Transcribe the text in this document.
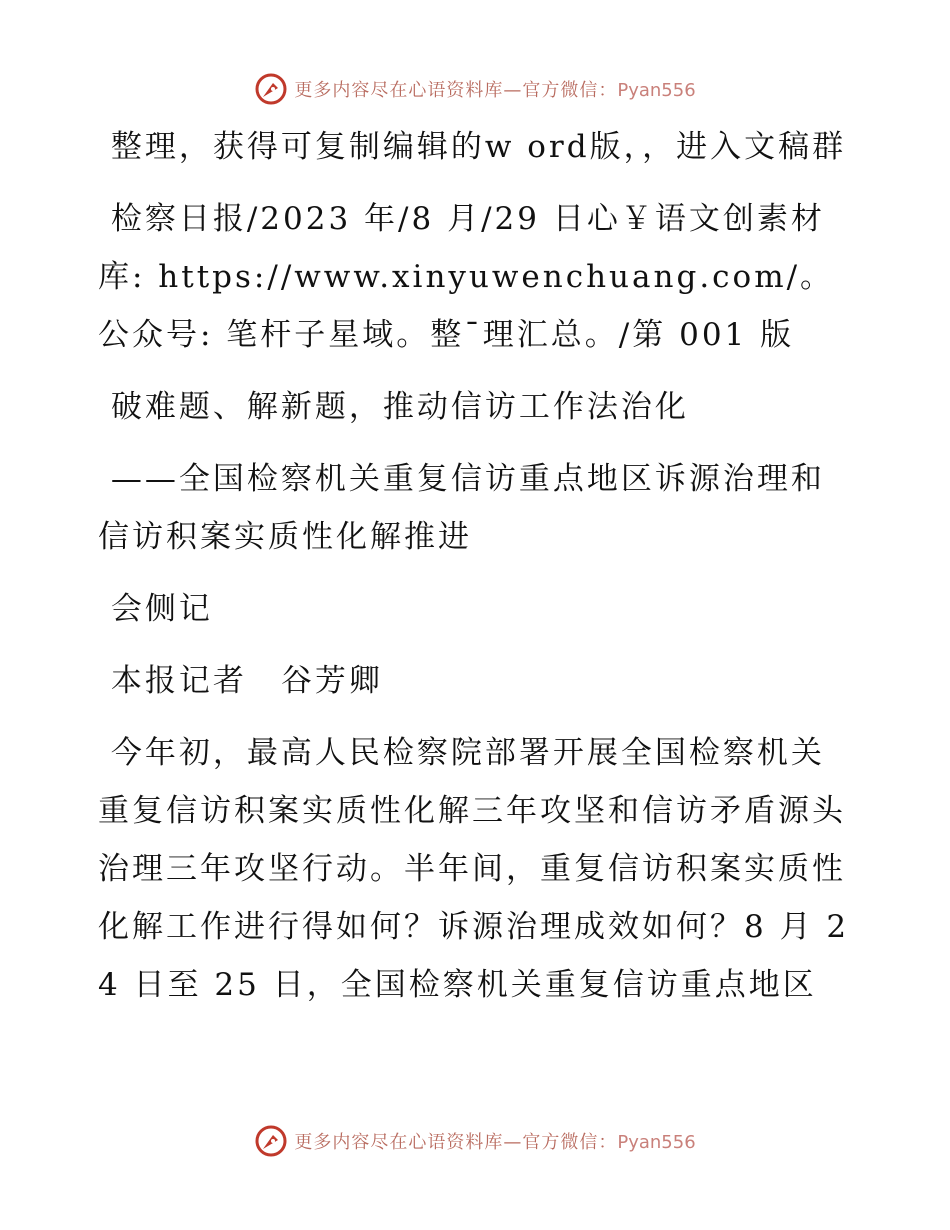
更多内容尽在心语资料库—官方微信：Pyan556

整理，获得可复制编辑的w ord版，，进入文稿群

检察日报/2023 年/8 月/29 日心￥语文创素材库: https://www.xinyuwenchuang.com/。公众号: 笔杆子星域。整¯理汇总。/第 001 版

破难题、解新题，推动信访工作法治化

——全国检察机关重复信访重点地区诉源治理和信访积案实质性化解推进

会侧记

本报记者　谷芳卿

今年初，最高人民检察院部署开展全国检察机关重复信访积案实质性化解三年攻坚和信访矛盾源头治理三年攻坚行动。半年间，重复信访积案实质性化解工作进行得如何？诉源治理成效如何？8 月 24 日至 25 日，全国检察机关重复信访重点地区

更多内容尽在心语资料库—官方微信：Pyan556
